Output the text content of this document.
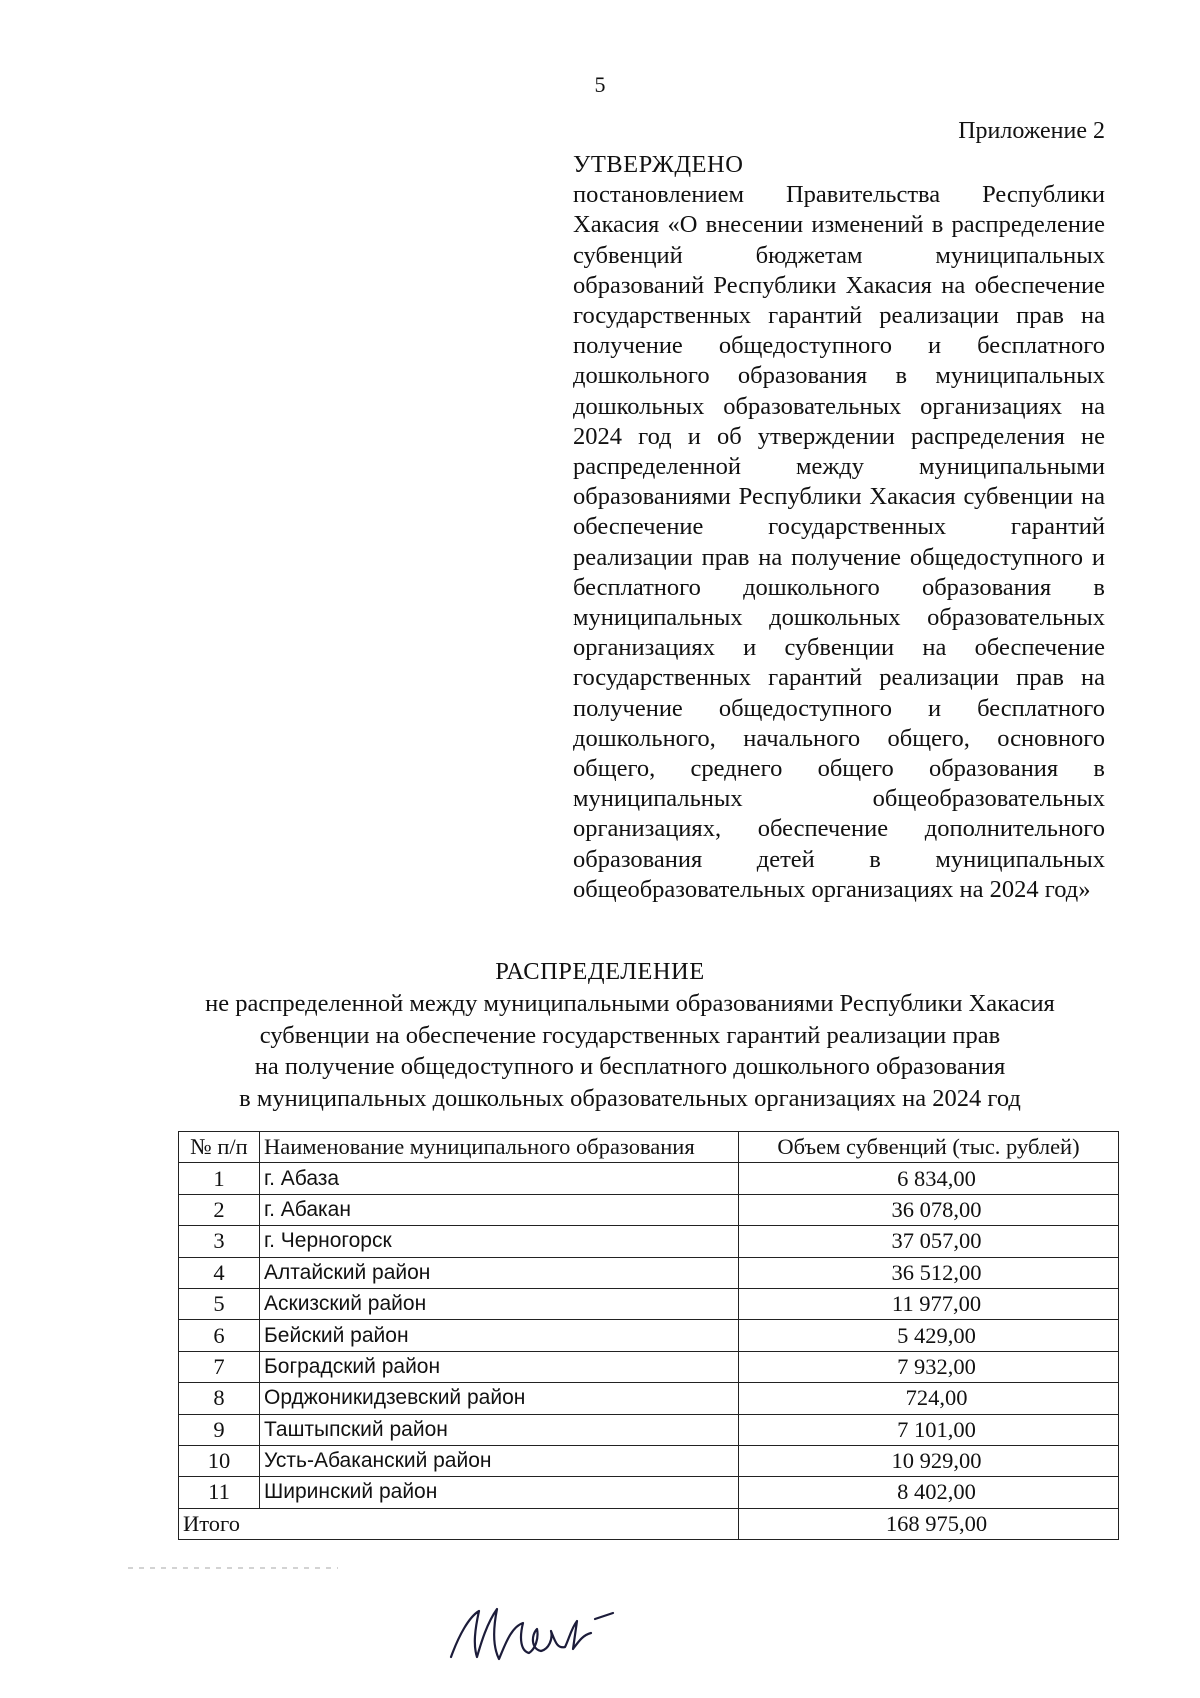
5
Приложение 2

УТВЕРЖДЕНО

постановлением Правительства Республики Хакасия «О внесении изменений в распределение субвенций бюджетам муниципальных образований Республики Хакасия на обеспечение государственных гарантий реализации прав на получение общедоступного и бесплатного дошкольного образования в муниципальных дошкольных образовательных организациях на 2024 год и об утверждении распределения не распределенной между муниципальными образованиями Республики Хакасия субвенции на обеспечение государственных гарантий реализации прав на получение общедоступного и бесплатного дошкольного образования в муниципальных дошкольных образовательных организациях и субвенции на обеспечение государственных гарантий реализации прав на получение общедоступного и бесплатного дошкольного, начального общего, основного общего, среднего общего образования в муниципальных общеобразовательных организациях, обеспечение дополнительного образования детей в муниципальных общеобразовательных организациях на 2024 год»

РАСПРЕДЕЛЕНИЕ
не распределенной между муниципальными образованиями Республики Хакасия
субвенции на обеспечение государственных гарантий реализации прав
на получение общедоступного и бесплатного дошкольного образования
в муниципальных дошкольных образовательных организациях на 2024 год
№ п/п	Наименование муниципального образования	Объем субвенций (тыс. рублей)
1	г. Абаза	6 834,00
2	г. Абакан	36 078,00
3	г. Черногорск	37 057,00
4	Алтайский район	36 512,00
5	Аскизский район	11 977,00
6	Бейский район	5 429,00
7	Боградский район	7 932,00
8	Орджоникидзевский район	724,00
9	Таштыпский район	7 101,00
10	Усть-Абаканский район	10 929,00
11	Ширинский район	8 402,00
Итого		168 975,00
